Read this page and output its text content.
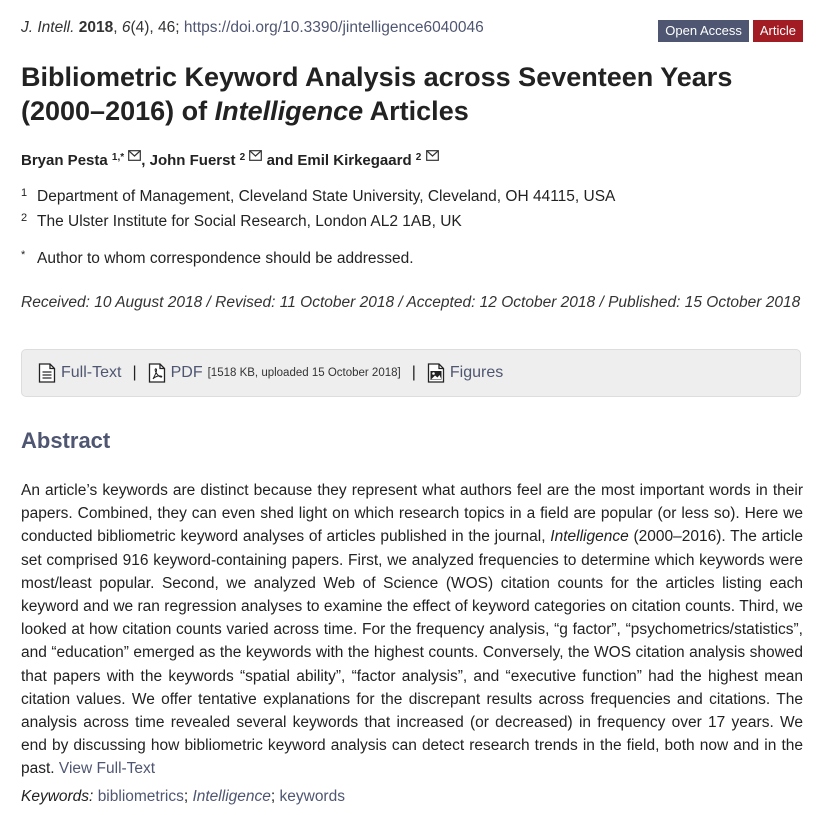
J. Intell. 2018, 6(4), 46; https://doi.org/10.3390/jintelligence6040046	Open Access	Article
Bibliometric Keyword Analysis across Seventeen Years (2000–2016) of Intelligence Articles
Bryan Pesta $^{1,*}$ , John Fuerst $^2$ and Emil Kirkegaard $^2$
1 Department of Management, Cleveland State University, Cleveland, OH 44115, USA
2 The Ulster Institute for Social Research, London AL2 1AB, UK
* Author to whom correspondence should be addressed.

Received: 10 August 2018 / Revised: 11 October 2018 / Accepted: 12 October 2018 / Published: 15 October 2018

Full-Text | PDF [1518 KB, uploaded 15 October 2018] | Figures
Abstract

An article’s keywords are distinct because they represent what authors feel are the most important words in their papers. Combined, they can even shed light on which research topics in a field are popular (or less so). Here we conducted bibliometric keyword analyses of articles published in the journal, Intelligence (2000–2016). The article set comprised 916 keyword-containing papers. First, we analyzed frequencies to determine which keywords were most/least popular. Second, we analyzed Web of Science (WOS) citation counts for the articles listing each keyword and we ran regression analyses to examine the effect of keyword categories on citation counts. Third, we looked at how citation counts varied across time. For the frequency analysis, “g factor”, “psychometrics/statistics”, and “education” emerged as the keywords with the highest counts. Conversely, the WOS citation analysis showed that papers with the keywords “spatial ability”, “factor analysis”, and “executive function” had the highest mean citation values. We offer tentative explanations for the discrepant results across frequencies and citations. The analysis across time revealed several keywords that increased (or decreased) in frequency over 17 years. We end by discussing how bibliometric keyword analysis can detect research trends in the field, both now and in the past. View Full-Text

Keywords: bibliometrics; Intelligence; keywords
